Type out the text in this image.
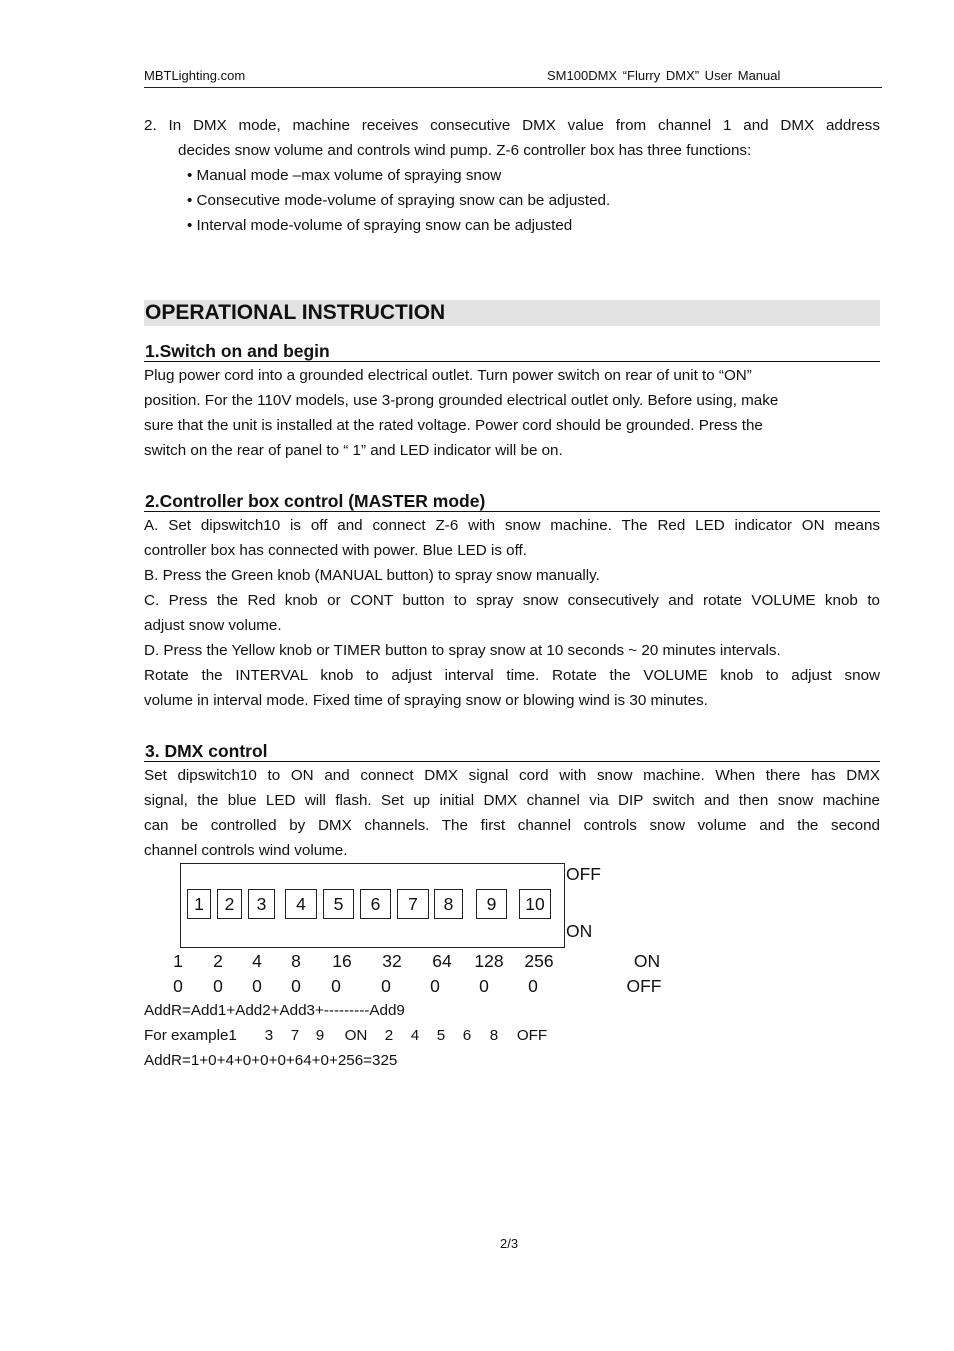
MBTLighting.com	SM100DMX “Flurry DMX” User Manual
2. In DMX mode, machine receives consecutive DMX value from channel 1 and DMX address
decides snow volume and controls wind pump. Z-6 controller box has three functions:
• Manual mode –max volume of spraying snow
• Consecutive mode-volume of spraying snow can be adjusted.
• Interval mode-volume of spraying snow can be adjusted
OPERATIONAL INSTRUCTION
1.Switch on and begin
Plug power cord into a grounded electrical outlet. Turn power switch on rear of unit to “ON”
position. For the 110V models, use 3-prong grounded electrical outlet only. Before using, make
sure that the unit is installed at the rated voltage. Power cord should be grounded. Press the
switch on the rear of panel to “ 1” and LED indicator will be on.
2.Controller box control (MASTER mode)
A. Set dipswitch10 is off and connect Z-6 with snow machine. The Red LED indicator ON means
controller box has connected with power. Blue LED is off.
B. Press the Green knob (MANUAL button) to spray snow manually.
C. Press the Red knob or CONT button to spray snow consecutively and rotate VOLUME knob to
adjust snow volume.
D. Press the Yellow knob or TIMER button to spray snow at 10 seconds ~ 20 minutes intervals.
Rotate the INTERVAL knob to adjust interval time. Rotate the VOLUME knob to adjust snow
volume in interval mode. Fixed time of spraying snow or blowing wind is 30 minutes.
3. DMX control
Set dipswitch10 to ON and connect DMX signal cord with snow machine. When there has DMX
signal, the blue LED will flash. Set up initial DMX channel via DIP switch and then snow machine
can be controlled by DMX channels. The first channel controls snow volume and the second
channel controls wind volume.
OFF
ON
1	2	3	4	5	6	7	8	9	10
1	2	4	8	16	32	64	128	256	ON
0	0	0	0	0	0	0	0	0	OFF
AddR=Add1+Add2+Add3+---------Add9
For example1 3 7 9	ON	2 4 5 6 8	OFF
AddR=1+0+4+0+0+0+64+0+256=325
2/3
